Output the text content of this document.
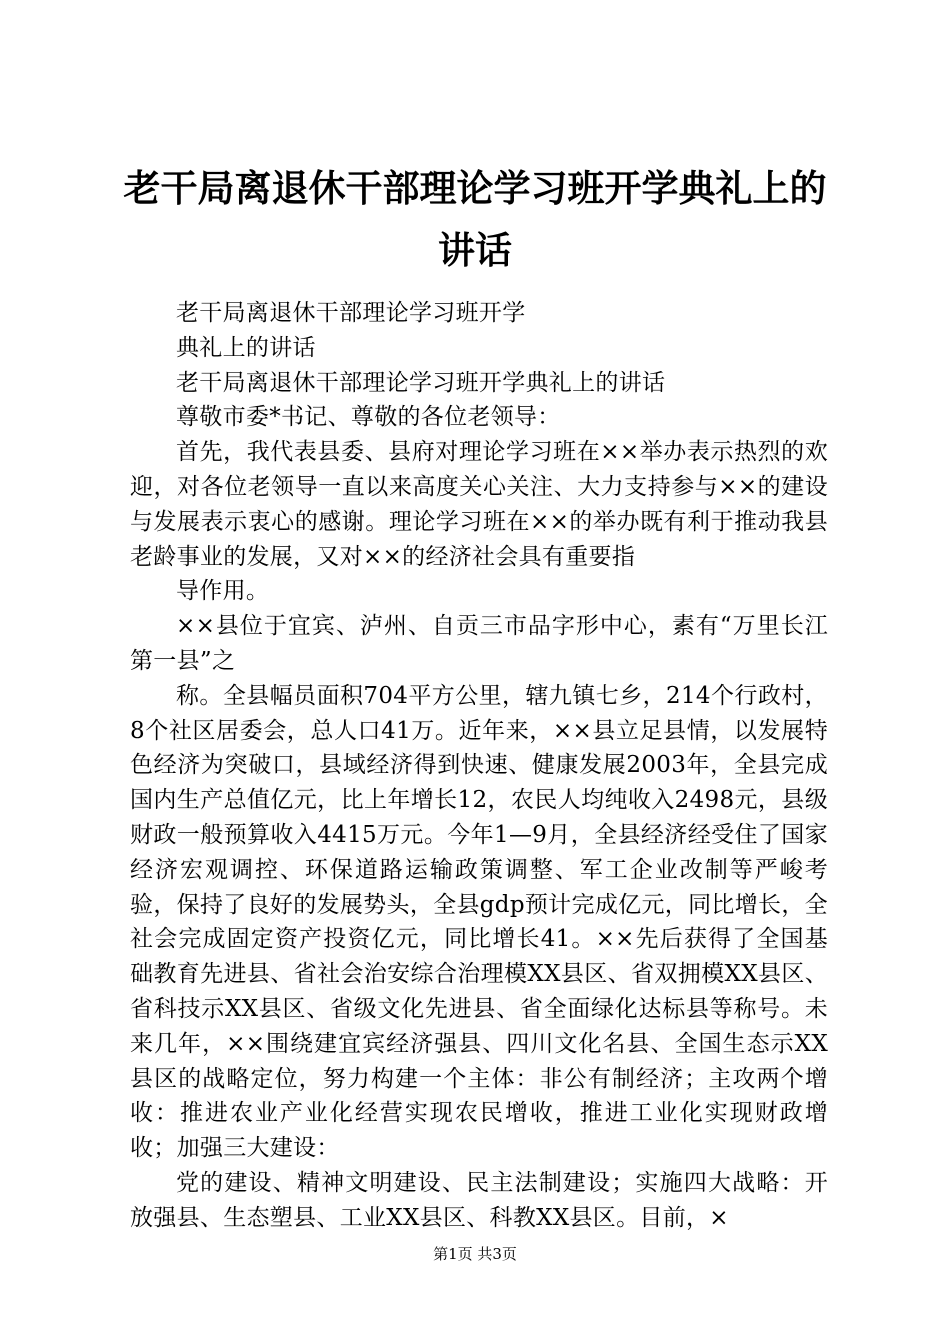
老干局离退休干部理论学习班开学典礼上的讲话

老干局离退休干部理论学习班开学

典礼上的讲话

老干局离退休干部理论学习班开学典礼上的讲话

尊敬市委*书记、尊敬的各位老领导：

首先，我代表县委、县府对理论学习班在××举办表示热烈的欢迎，对各位老领导一直以来高度关心关注、大力支持参与××的建设与发展表示衷心的感谢。理论学习班在××的举办既有利于推动我县老龄事业的发展，又对××的经济社会具有重要指

导作用。

××县位于宜宾、泸州、自贡三市品字形中心，素有“万里长江第一县”之

称。全县幅员面积704平方公里，辖九镇七乡，214个行政村，8个社区居委会，总人口41万。近年来，××县立足县情，以发展特色经济为突破口，县域经济得到快速、健康发展2003年，全县完成国内生产总值亿元，比上年增长12，农民人均纯收入2498元，县级财政一般预算收入4415万元。今年1—9月，全县经济经受住了国家经济宏观调控、环保道路运输政策调整、军工企业改制等严峻考验，保持了良好的发展势头，全县gdp预计完成亿元，同比增长，全社会完成固定资产投资亿元，同比增长41。××先后获得了全国基础教育先进县、省社会治安综合治理模XX县区、省双拥模XX县区、省科技示XX县区、省级文化先进县、省全面绿化达标县等称号。未来几年，××围绕建宜宾经济强县、四川文化名县、全国生态示XX县区的战略定位，努力构建一个主体：非公有制经济；主攻两个增收：推进农业产业化经营实现农民增收，推进工业化实现财政增收；加强三大建设：

党的建设、精神文明建设、民主法制建设；实施四大战略：开放强县、生态塑县、工业XX县区、科教XX县区。目前，×

第1页 共3页
